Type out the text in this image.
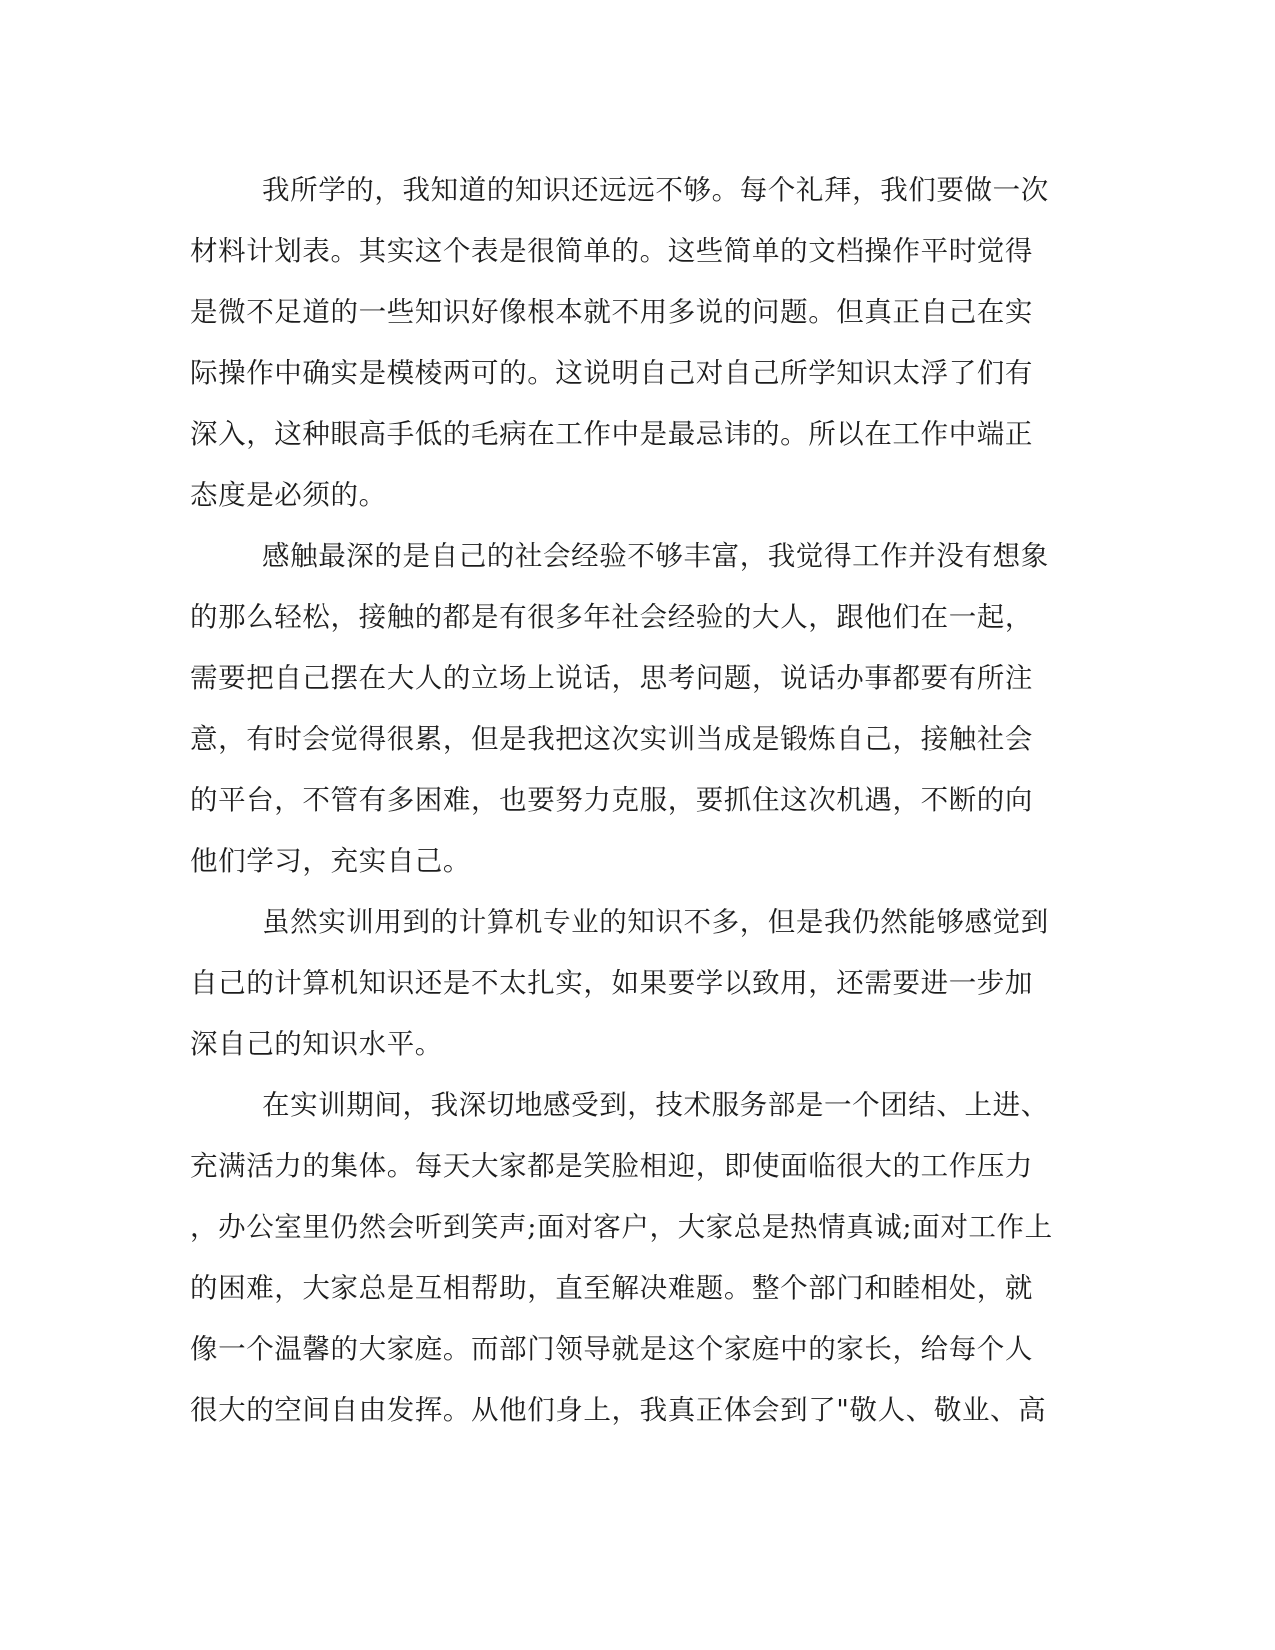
我所学的，我知道的知识还远远不够。每个礼拜，我们要做一次
材料计划表。其实这个表是很简单的。这些简单的文档操作平时觉得
是微不足道的一些知识好像根本就不用多说的问题。但真正自己在实
际操作中确实是模棱两可的。这说明自己对自己所学知识太浮了们有
深入，这种眼高手低的毛病在工作中是最忌讳的。所以在工作中端正
态度是必须的。
感触最深的是自己的社会经验不够丰富，我觉得工作并没有想象
的那么轻松，接触的都是有很多年社会经验的大人，跟他们在一起，
需要把自己摆在大人的立场上说话，思考问题，说话办事都要有所注
意，有时会觉得很累，但是我把这次实训当成是锻炼自己，接触社会
的平台，不管有多困难，也要努力克服，要抓住这次机遇，不断的向
他们学习，充实自己。
虽然实训用到的计算机专业的知识不多，但是我仍然能够感觉到
自己的计算机知识还是不太扎实，如果要学以致用，还需要进一步加
深自己的知识水平。
在实训期间，我深切地感受到，技术服务部是一个团结、上进、
充满活力的集体。每天大家都是笑脸相迎，即使面临很大的工作压力
，办公室里仍然会听到笑声;面对客户，大家总是热情真诚;面对工作上
的困难，大家总是互相帮助，直至解决难题。整个部门和睦相处，就
像一个温馨的大家庭。而部门领导就是这个家庭中的家长，给每个人
很大的空间自由发挥。从他们身上，我真正体会到了"敬人、敬业、高
